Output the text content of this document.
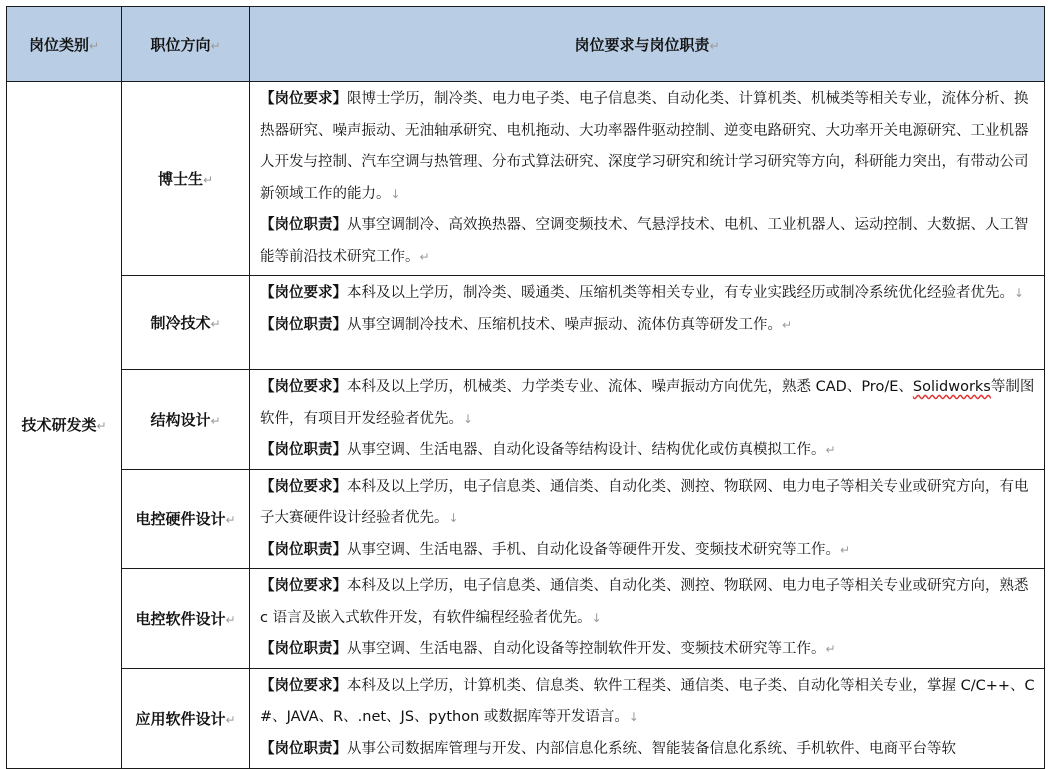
岗位类别↵	职位方向↵	岗位要求与岗位职责↵
技术研发类↵	博士生↵	【岗位要求】限博士学历，制冷类、电力电子类、电子信息类、自动化类、计算机类、机械类等相关专业，流体分析、换热器研究、噪声振动、无油轴承研究、电机拖动、大功率器件驱动控制、逆变电路研究、大功率开关电源研究、工业机器人开发与控制、汽车空调与热管理、分布式算法研究、深度学习研究和统计学习研究等方向，科研能力突出，有带动公司新领域工作的能力。↓
【岗位职责】从事空调制冷、高效换热器、空调变频技术、气悬浮技术、电机、工业机器人、运动控制、大数据、人工智能等前沿技术研究工作。↵

	制冷技术↵	【岗位要求】本科及以上学历，制冷类、暖通类、压缩机类等相关专业，有专业实践经历或制冷系统优化经验者优先。↓
【岗位职责】从事空调制冷技术、压缩机技术、噪声振动、流体仿真等研发工作。↵

	结构设计↵	【岗位要求】本科及以上学历，机械类、力学类专业、流体、噪声振动方向优先，熟悉 CAD、Pro/E、Solidworks等制图软件，有项目开发经验者优先。↓
【岗位职责】从事空调、生活电器、自动化设备等结构设计、结构优化或仿真模拟工作。↵

	电控硬件设计↵	【岗位要求】本科及以上学历，电子信息类、通信类、自动化类、测控、物联网、电力电子等相关专业或研究方向，有电子大赛硬件设计经验者优先。↓
【岗位职责】从事空调、生活电器、手机、自动化设备等硬件开发、变频技术研究等工作。↵

	电控软件设计↵	【岗位要求】本科及以上学历，电子信息类、通信类、自动化类、测控、物联网、电力电子等相关专业或研究方向，熟悉 c 语言及嵌入式软件开发，有软件编程经验者优先。↓
【岗位职责】从事空调、生活电器、自动化设备等控制软件开发、变频技术研究等工作。↵

	应用软件设计↵	【岗位要求】本科及以上学历，计算机类、信息类、软件工程类、通信类、电子类、自动化等相关专业，掌握 C/C++、C#、JAVA、R、.net、JS、python 或数据库等开发语言。↓
【岗位职责】从事公司数据库管理与开发、内部信息化系统、智能装备信息化系统、手机软件、电商平台等软
